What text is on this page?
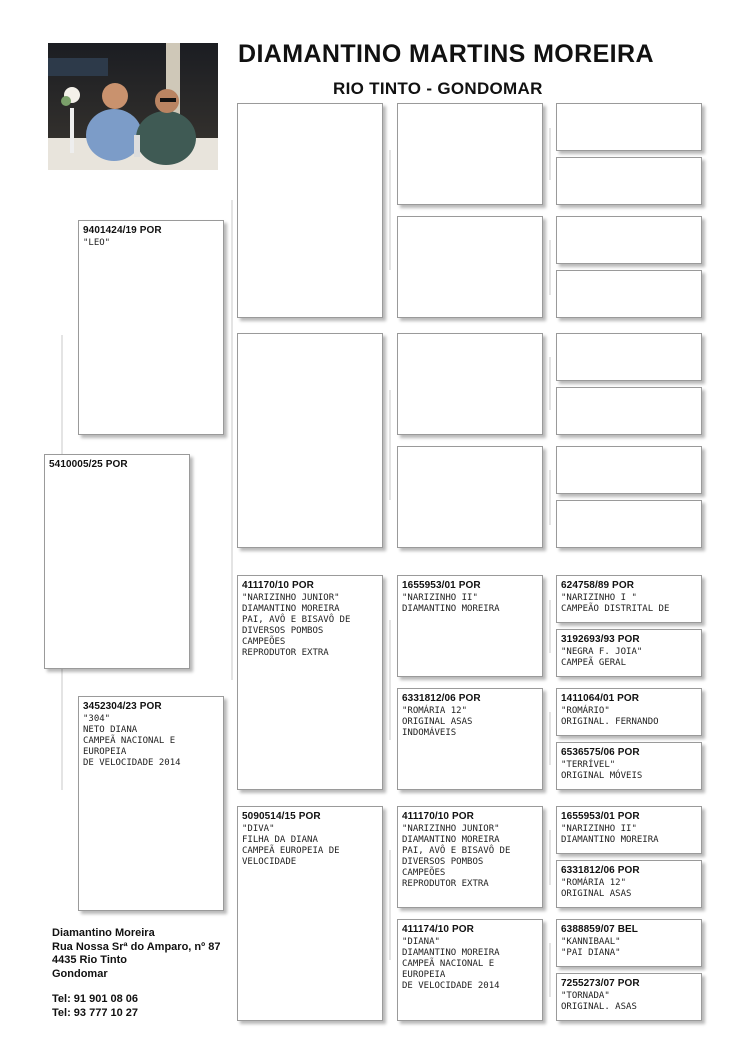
DIAMANTINO MARTINS MOREIRA
RIO TINTO - GONDOMAR
5410005/25 POR
9401424/19 POR
"LEO"
3452304/23 POR
"304"
NETO DIANA
CAMPEÃ NACIONAL E
EUROPEIA
DE VELOCIDADE 2014
411170/10 POR
"NARIZINHO JUNIOR"
DIAMANTINO MOREIRA
PAI, AVÔ E BISAVÔ DE
DIVERSOS POMBOS
CAMPEÕES
REPRODUTOR EXTRA
5090514/15 POR
"DIVA"
FILHA DA DIANA
CAMPEÃ EUROPEIA DE
VELOCIDADE
1655953/01 POR
"NARIZINHO II"
DIAMANTINO MOREIRA
6331812/06 POR
"ROMÁRIA 12"
ORIGINAL ASAS
INDOMÁVEIS
411170/10 POR
"NARIZINHO JUNIOR"
DIAMANTINO MOREIRA
PAI, AVÔ E BISAVÔ DE
DIVERSOS POMBOS
CAMPEÕES
REPRODUTOR EXTRA
411174/10 POR
"DIANA"
DIAMANTINO MOREIRA
CAMPEÃ NACIONAL E
EUROPEIA
DE VELOCIDADE 2014
624758/89 POR
"NARIZINHO I "
CAMPEÃO DISTRITAL DE
3192693/93 POR
"NEGRA F. JOIA"
CAMPEÃ GERAL
1411064/01 POR
"ROMÁRIO"
ORIGINAL. FERNANDO
6536575/06 POR
"TERRÍVEL"
ORIGINAL MÓVEIS
1655953/01 POR
"NARIZINHO II"
DIAMANTINO MOREIRA
6331812/06 POR
"ROMÁRIA 12"
ORIGINAL ASAS
6388859/07 BEL
"KANNIBAAL"
"PAI DIANA"
7255273/07 POR
"TORNADA"
ORIGINAL. ASAS
Diamantino Moreira
Rua Nossa Srª do Amparo, nº 87
4435 Rio Tinto
Gondomar
Tel: 91 901 08 06
Tel: 93 777 10 27
